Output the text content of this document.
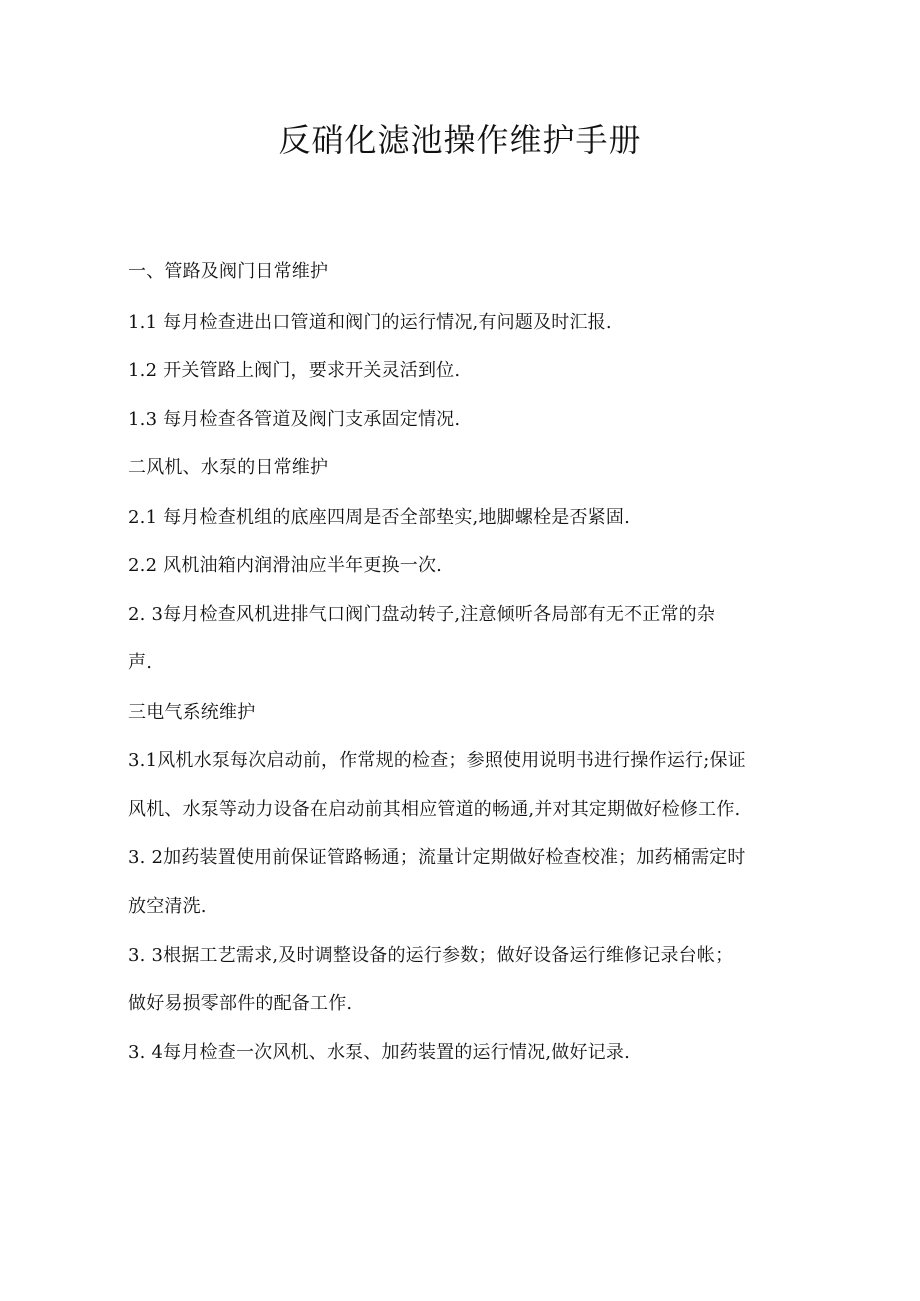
反硝化滤池操作维护手册
一、管路及阀门日常维护
1.1 每月检查进出口管道和阀门的运行情况,有问题及时汇报.
1.2 开关管路上阀门，要求开关灵活到位.
1.3 每月检查各管道及阀门支承固定情况.
二风机、水泵的日常维护
2.1 每月检查机组的底座四周是否全部垫实,地脚螺栓是否紧固.
2.2 风机油箱内润滑油应半年更换一次.
2. 3每月检查风机进排气口阀门盘动转子,注意倾听各局部有无不正常的杂
声.
三电气系统维护
3.1风机水泵每次启动前，作常规的检查；参照使用说明书进行操作运行;保证
风机、水泵等动力设备在启动前其相应管道的畅通,并对其定期做好检修工作.
3. 2加药装置使用前保证管路畅通；流量计定期做好检查校准；加药桶需定时
放空清洗.
3. 3根据工艺需求,及时调整设备的运行参数；做好设备运行维修记录台帐；
做好易损零部件的配备工作.
3. 4每月检查一次风机、水泵、加药装置的运行情况,做好记录.
